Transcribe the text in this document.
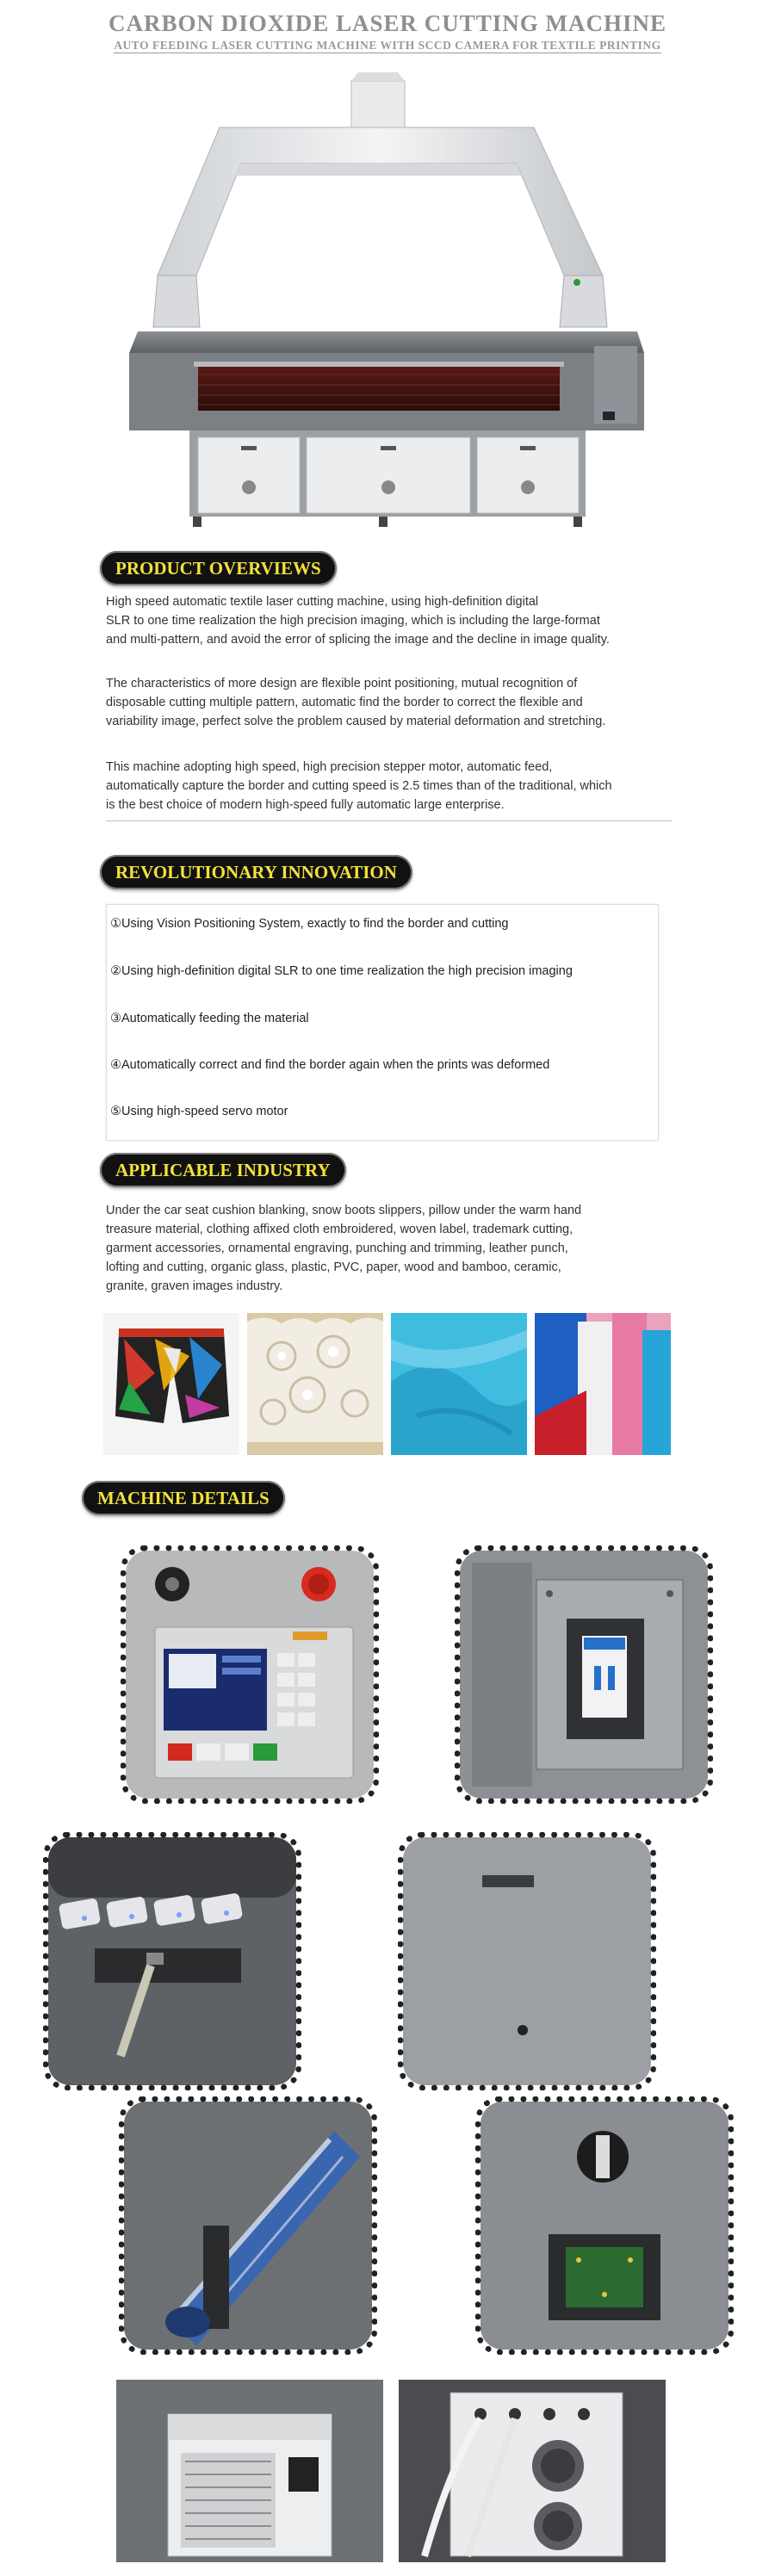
CARBON DIOXIDE LASER CUTTING MACHINE
AUTO FEEDING LASER CUTTING MACHINE WITH SCCD CAMERA FOR TEXTILE PRINTING
PRODUCT OVERVIEWS
High speed automatic textile laser cutting machine, using high-definition digital
SLR to one time realization the high precision imaging, which is including the large-format
and multi-pattern, and avoid the error of splicing the image and the decline in image quality.
The characteristics of more design are flexible point positioning, mutual recognition of
disposable cutting multiple pattern, automatic find the border to correct the flexible and
variability image, perfect solve the problem caused by material deformation and stretching.
This machine adopting high speed, high precision stepper motor, automatic feed,
automatically capture the border and cutting speed is 2.5 times than of the traditional, which
is the best choice of modern high-speed fully automatic large enterprise.
REVOLUTIONARY INNOVATION
①Using Vision Positioning System, exactly to find the border and cutting
②Using high-definition digital SLR to one time realization the high precision imaging
③Automatically feeding the material
④Automatically correct and find the border again when the prints was deformed
⑤Using high-speed servo motor
APPLICABLE INDUSTRY
Under the car seat cushion blanking, snow boots slippers, pillow under the warm hand
treasure material, clothing affixed cloth embroidered, woven label, trademark cutting,
garment accessories, ornamental engraving, punching and trimming, leather punch,
lofting and cutting, organic glass, plastic, PVC, paper, wood and bamboo, ceramic,
granite, graven images industry.
MACHINE DETAILS
